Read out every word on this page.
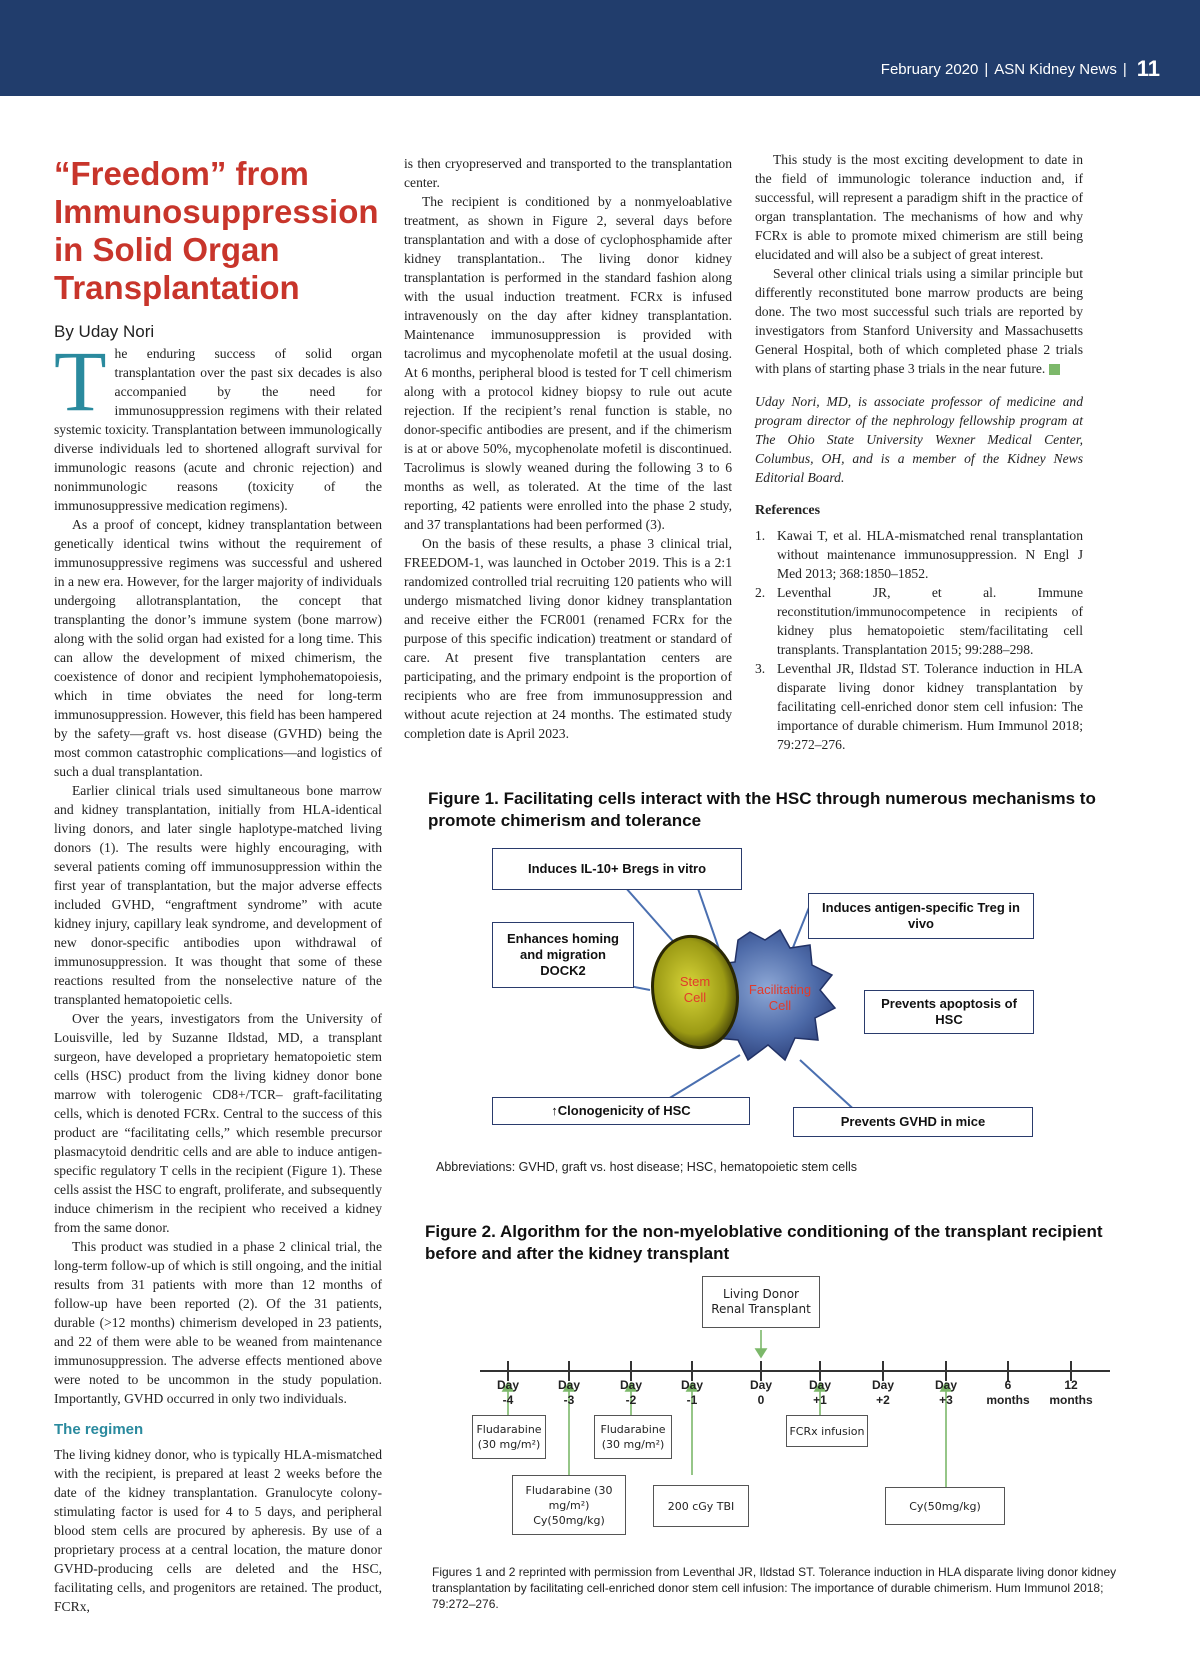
February 2020 | ASN Kidney News | 11
“Freedom” from Immunosuppression in Solid Organ Transplantation
By Uday Nori

The enduring success of solid organ transplantation over the past six decades is also accompanied by the need for immunosuppression regimens with their related systemic toxicity. Transplantation between immunologically diverse individuals led to shortened allograft survival for immunologic reasons (acute and chronic rejection) and nonimmunologic reasons (toxicity of the immunosuppressive medication regimens).

As a proof of concept, kidney transplantation between genetically identical twins without the requirement of immunosuppressive regimens was successful and ushered in a new era. However, for the larger majority of individuals undergoing allotransplantation, the concept that transplanting the donor’s immune system (bone marrow) along with the solid organ had existed for a long time. This can allow the development of mixed chimerism, the coexistence of donor and recipient lymphohematopoiesis, which in time obviates the need for long-term immunosuppression. However, this field has been hampered by the safety—graft vs. host disease (GVHD) being the most common catastrophic complications—and logistics of such a dual transplantation.

Earlier clinical trials used simultaneous bone marrow and kidney transplantation, initially from HLA-identical living donors, and later single haplotype-matched living donors (1). The results were highly encouraging, with several patients coming off immunosuppression within the first year of transplantation, but the major adverse effects included GVHD, “engraftment syndrome” with acute kidney injury, capillary leak syndrome, and development of new donor-specific antibodies upon withdrawal of immunosuppression. It was thought that some of these reactions resulted from the nonselective nature of the transplanted hematopoietic cells.

Over the years, investigators from the University of Louisville, led by Suzanne Ildstad, MD, a transplant surgeon, have developed a proprietary hematopoietic stem cells (HSC) product from the living kidney donor bone marrow with tolerogenic CD8+/TCR– graft-facilitating cells, which is denoted FCRx. Central to the success of this product are “facilitating cells,” which resemble precursor plasmacytoid dendritic cells and are able to induce antigen-specific regulatory T cells in the recipient (Figure 1). These cells assist the HSC to engraft, proliferate, and subsequently induce chimerism in the recipient who received a kidney from the same donor.

This product was studied in a phase 2 clinical trial, the long-term follow-up of which is still ongoing, and the initial results from 31 patients with more than 12 months of follow-up have been reported (2). Of the 31 patients, durable (>12 months) chimerism developed in 23 patients, and 22 of them were able to be weaned from maintenance immunosuppression. The adverse effects mentioned above were noted to be uncommon in the study population. Importantly, GVHD occurred in only two individuals.

The regimen

The living kidney donor, who is typically HLA-mismatched with the recipient, is prepared at least 2 weeks before the date of the kidney transplantation. Granulocyte colony-stimulating factor is used for 4 to 5 days, and peripheral blood stem cells are procured by apheresis. By use of a proprietary process at a central location, the mature donor GVHD-producing cells are deleted and the HSC, facilitating cells, and progenitors are retained. The product, FCRx,

is then cryopreserved and transported to the transplantation center.

The recipient is conditioned by a nonmyeloablative treatment, as shown in Figure 2, several days before transplantation and with a dose of cyclophosphamide after kidney transplantation.. The living donor kidney transplantation is performed in the standard fashion along with the usual induction treatment. FCRx is infused intravenously on the day after kidney transplantation. Maintenance immunosuppression is provided with tacrolimus and mycophenolate mofetil at the usual dosing. At 6 months, peripheral blood is tested for T cell chimerism along with a protocol kidney biopsy to rule out acute rejection. If the recipient’s renal function is stable, no donor-specific antibodies are present, and if the chimerism is at or above 50%, mycophenolate mofetil is discontinued. Tacrolimus is slowly weaned during the following 3 to 6 months as well, as tolerated. At the time of the last reporting, 42 patients were enrolled into the phase 2 study, and 37 transplantations had been performed (3).

On the basis of these results, a phase 3 clinical trial, FREEDOM-1, was launched in October 2019. This is a 2:1 randomized controlled trial recruiting 120 patients who will undergo mismatched living donor kidney transplantation and receive either the FCR001 (renamed FCRx for the purpose of this specific indication) treatment or standard of care. At present five transplantation centers are participating, and the primary endpoint is the proportion of recipients who are free from immunosuppression and without acute rejection at 24 months. The estimated study completion date is April 2023.

This study is the most exciting development to date in the field of immunologic tolerance induction and, if successful, will represent a paradigm shift in the practice of organ transplantation. The mechanisms of how and why FCRx is able to promote mixed chimerism are still being elucidated and will also be a subject of great interest.

Several other clinical trials using a similar principle but differently reconstituted bone marrow products are being done. The two most successful such trials are reported by investigators from Stanford University and Massachusetts General Hospital, both of which completed phase 2 trials with plans of starting phase 3 trials in the near future.

Uday Nori, MD, is associate professor of medicine and program director of the nephrology fellowship program at The Ohio State University Wexner Medical Center, Columbus, OH, and is a member of the Kidney News Editorial Board.

References
1. Kawai T, et al. HLA-mismatched renal transplantation without maintenance immunosuppression. N Engl J Med 2013; 368:1850–1852.
2. Leventhal JR, et al. Immune reconstitution/immunocompetence in recipients of kidney plus hematopoietic stem/facilitating cell transplants. Transplantation 2015; 99:288–298.
3. Leventhal JR, Ildstad ST. Tolerance induction in HLA disparate living donor kidney transplantation by facilitating cell-enriched donor stem cell infusion: The importance of durable chimerism. Hum Immunol 2018; 79:272–276.
Figure 1. Facilitating cells interact with the HSC through numerous mechanisms to promote chimerism and tolerance
Stem
Cell
Facilitating
Cell
Induces IL-10+ Bregs in vitro
Enhances homing and migration DOCK2
Induces antigen-specific Treg in vivo
Prevents apoptosis of HSC
↑Clonogenicity of HSC
Prevents GVHD in mice
Abbreviations: GVHD, graft vs. host disease; HSC, hematopoietic stem cells
Figure 2. Algorithm for the non-myeloblative conditioning of the transplant recipient before and after the kidney transplant
Living Donor Renal Transplant
Day
-4
Day
-3
Day
-2
Day
-1
Day
0
Day
+1
Day
+2
Day
+3
6
months
12
months
Fludarabine (30 mg/m²)
Fludarabine (30 mg/m²)
Fludarabine (30 mg/m²) Cy(50mg/kg)
200 cGy TBI
FCRx infusion
Cy(50mg/kg)
Figures 1 and 2 reprinted with permission from Leventhal JR, Ildstad ST. Tolerance induction in HLA disparate living donor kidney transplantation by facilitating cell-enriched donor stem cell infusion: The importance of durable chimerism. Hum Immunol 2018; 79:272–276.
